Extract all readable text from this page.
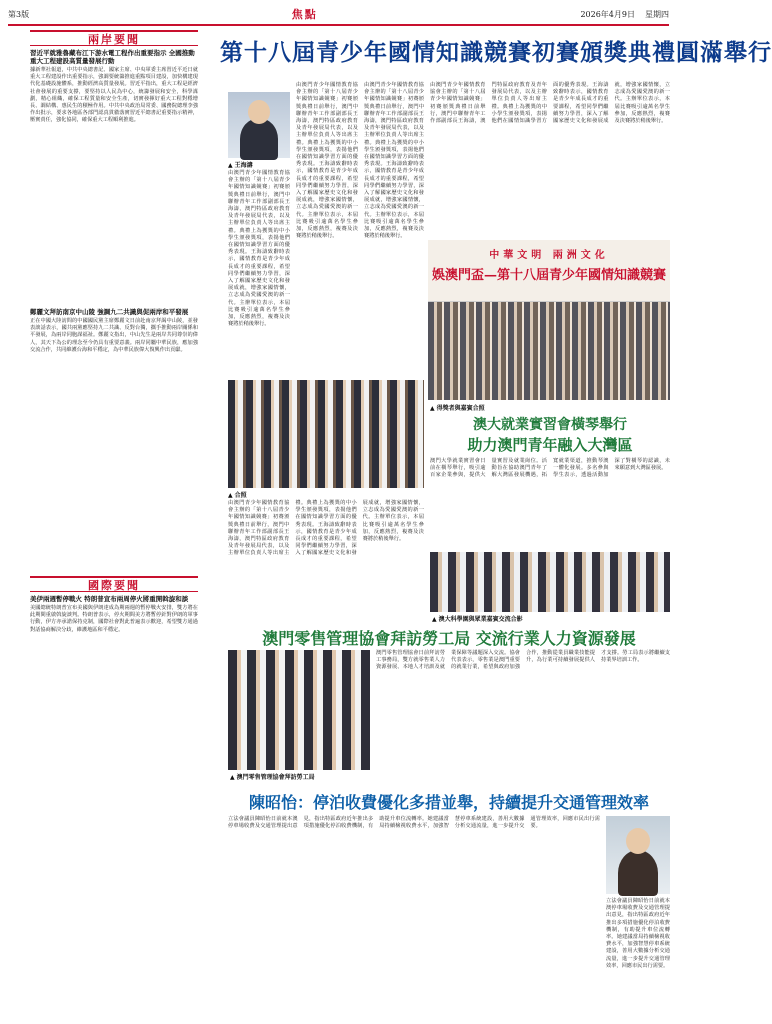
第3版	焦點	2026年4月9日 星期四
兩岸要聞
習近平就雅魯藏布江下游水電工程作出重要指示 全國推動重大工程建設高質量發展行動
據新華社報道，中共中央總書記、國家主席、中央軍委主席習近平近日就重大工程建設作出重要指示，強調要統籌推進重點項目建設，加快構建現代化基礎設施體系，推動經濟高質量發展。習近平指出，重大工程是經濟社會發展的重要支撐，要堅持以人民為中心，統籌發展和安全，科學謀劃，精心組織，確保工程質量和安全生產，切實發揮好重大工程對穩增長、調結構、惠民生的積極作用。中共中央政治局常委、國務院總理李強作出批示，要求各地區各部門認真貫徹落實習近平總書記重要指示精神，壓實責任，強化協同，確保重大工程順利推進。
鄭麗文拜訪南京中山陵 強調九二共識與促兩岸和平發展
正在中國大陸訪問的中國國民黨主席鄭麗文日前赴南京拜謁中山陵，並發表談話表示，國共兩黨應堅持九二共識、反對台獨，攜手推動兩岸關係和平發展，為兩岸同胞謀福祉。鄭麗文指出，中山先生是兩岸共同尊崇的偉人，其天下為公的理念至今仍具有重要意義。兩岸同屬中華民族，應加強交流合作，共同維護台海和平穩定，為中華民族偉大復興作出貢獻。
國際要聞
美伊兩週暫停戰火 特朗普宣布兩周停火將重開斡旋和談
美國總統特朗普宣布美國與伊朗達成為期兩週的暫停戰火安排，雙方將在此期間重啟斡旋談判。特朗普表示，停火期間美方將暫停針對伊朗的軍事行動，伊方亦承諾保持克制，國際社會對此普遍表示歡迎，希望雙方通過對話協商解決分歧，維護地區和平穩定。
第十八屆青少年國情知識競賽初賽頒獎典禮圓滿舉行
▲ 王海濤
由澳門青少年國情教育協會主辦的「第十八屆青少年國情知識競賽」初賽頒獎典禮日前舉行，澳門中聯辦青年工作部副部長王海濤，澳門特區政府教育及青年發展局代表，以及主辦單位負責人等出席主禮。典禮上為獲獎的中小學生頒發獎項，表揚他們在國情知識學習方面的優秀表現。王海濤致辭時表示，國情教育是青少年成長成才的重要課程，希望同學們繼續努力學習，深入了解國家歷史文化和發展成就，增強家國情懷，立志成為愛國愛澳的新一代。主辦單位表示，本屆比賽吸引逾萬名學生參加，反應熱烈，複賽及決賽將於稍後舉行。
由澳門青少年國情教育協會主辦的「第十八屆青少年國情知識競賽」初賽頒獎典禮日前舉行，澳門中聯辦青年工作部副部長王海濤，澳門特區政府教育及青年發展局代表，以及主辦單位負責人等出席主禮。典禮上為獲獎的中小學生頒發獎項，表揚他們在國情知識學習方面的優秀表現。王海濤致辭時表示，國情教育是青少年成長成才的重要課程，希望同學們繼續努力學習，深入了解國家歷史文化和發展成就，增強家國情懷，立志成為愛國愛澳的新一代。主辦單位表示，本屆比賽吸引逾萬名學生參加，反應熱烈，複賽及決賽將於稍後舉行。
由澳門青少年國情教育協會主辦的「第十八屆青少年國情知識競賽」初賽頒獎典禮日前舉行，澳門中聯辦青年工作部副部長王海濤，澳門特區政府教育及青年發展局代表，以及主辦單位負責人等出席主禮。典禮上為獲獎的中小學生頒發獎項，表揚他們在國情知識學習方面的優秀表現。王海濤致辭時表示，國情教育是青少年成長成才的重要課程，希望同學們繼續努力學習，深入了解國家歷史文化和發展成就，增強家國情懷，立志成為愛國愛澳的新一代。主辦單位表示，本屆比賽吸引逾萬名學生參加，反應熱烈，複賽及決賽將於稍後舉行。
由澳門青少年國情教育協會主辦的「第十八屆青少年國情知識競賽」初賽頒獎典禮日前舉行，澳門中聯辦青年工作部副部長王海濤，澳門特區政府教育及青年發展局代表，以及主辦單位負責人等出席主禮。典禮上為獲獎的中小學生頒發獎項，表揚他們在國情知識學習方面的優秀表現。王海濤致辭時表示，國情教育是青少年成長成才的重要課程，希望同學們繼續努力學習，深入了解國家歷史文化和發展成就，增強家國情懷，立志成為愛國愛澳的新一代。主辦單位表示，本屆比賽吸引逾萬名學生參加，反應熱烈，複賽及決賽將於稍後舉行。
中華文明 兩洲文化
娛澳門盃—第十八屆青少年國情知識競賽
▲ 得獎者與嘉賓合照
▲ 合照
由澳門青少年國情教育協會主辦的「第十八屆青少年國情知識競賽」初賽頒獎典禮日前舉行，澳門中聯辦青年工作部副部長王海濤，澳門特區政府教育及青年發展局代表，以及主辦單位負責人等出席主禮。典禮上為獲獎的中小學生頒發獎項，表揚他們在國情知識學習方面的優秀表現。王海濤致辭時表示，國情教育是青少年成長成才的重要課程，希望同學們繼續努力學習，深入了解國家歷史文化和發展成就，增強家國情懷，立志成為愛國愛澳的新一代。主辦單位表示，本屆比賽吸引逾萬名學生參加，反應熱烈，複賽及決賽將於稍後舉行。
澳大就業實習會橫琴舉行
助力澳門青年融入大灣區
澳門大學就業實習會日前在橫琴舉行，吸引逾百家企業參與，提供大量實習及就業崗位。活動旨在協助澳門青年了解大灣區發展機遇，拓寬就業渠道，推動琴澳一體化發展。多名參與學生表示，透過活動加深了對橫琴的認識，未來願意到大灣區發展。
▲ 澳大科學園與眾業嘉賓交流合影
澳門零售管理協會拜訪勞工局 交流行業人力資源發展
▲ 澳門零售管理協會拜訪勞工局
澳門零售管理協會日前拜訪勞工事務局，雙方就零售業人力資源發展、本地人才培訓及就業保障等議題深入交流。協會代表表示，零售業是澳門重要的就業行業，希望與政府加強合作，推動從業員職業技能提升，為行業可持續發展提供人才支撐。勞工局表示將繼續支持業界培訓工作。
陳昭怡：停泊收費優化多措並舉，持續提升交通管理效率
立法會議員陳昭怡日前就本澳停車場收費及交通管理提出意見，指出特區政府近年推出多項措施優化停泊收費機制，有助提升車位流轉率。她建議當局持續檢視收費水平，加強智慧停車系統建設，善用大數據分析交通流量，進一步提升交通管理效率，回應市民出行需要。
立法會議員陳昭怡日前就本澳停車場收費及交通管理提出意見，指出特區政府近年推出多項措施優化停泊收費機制，有助提升車位流轉率。她建議當局持續檢視收費水平，加強智慧停車系統建設，善用大數據分析交通流量，進一步提升交通管理效率，回應市民出行需要。
